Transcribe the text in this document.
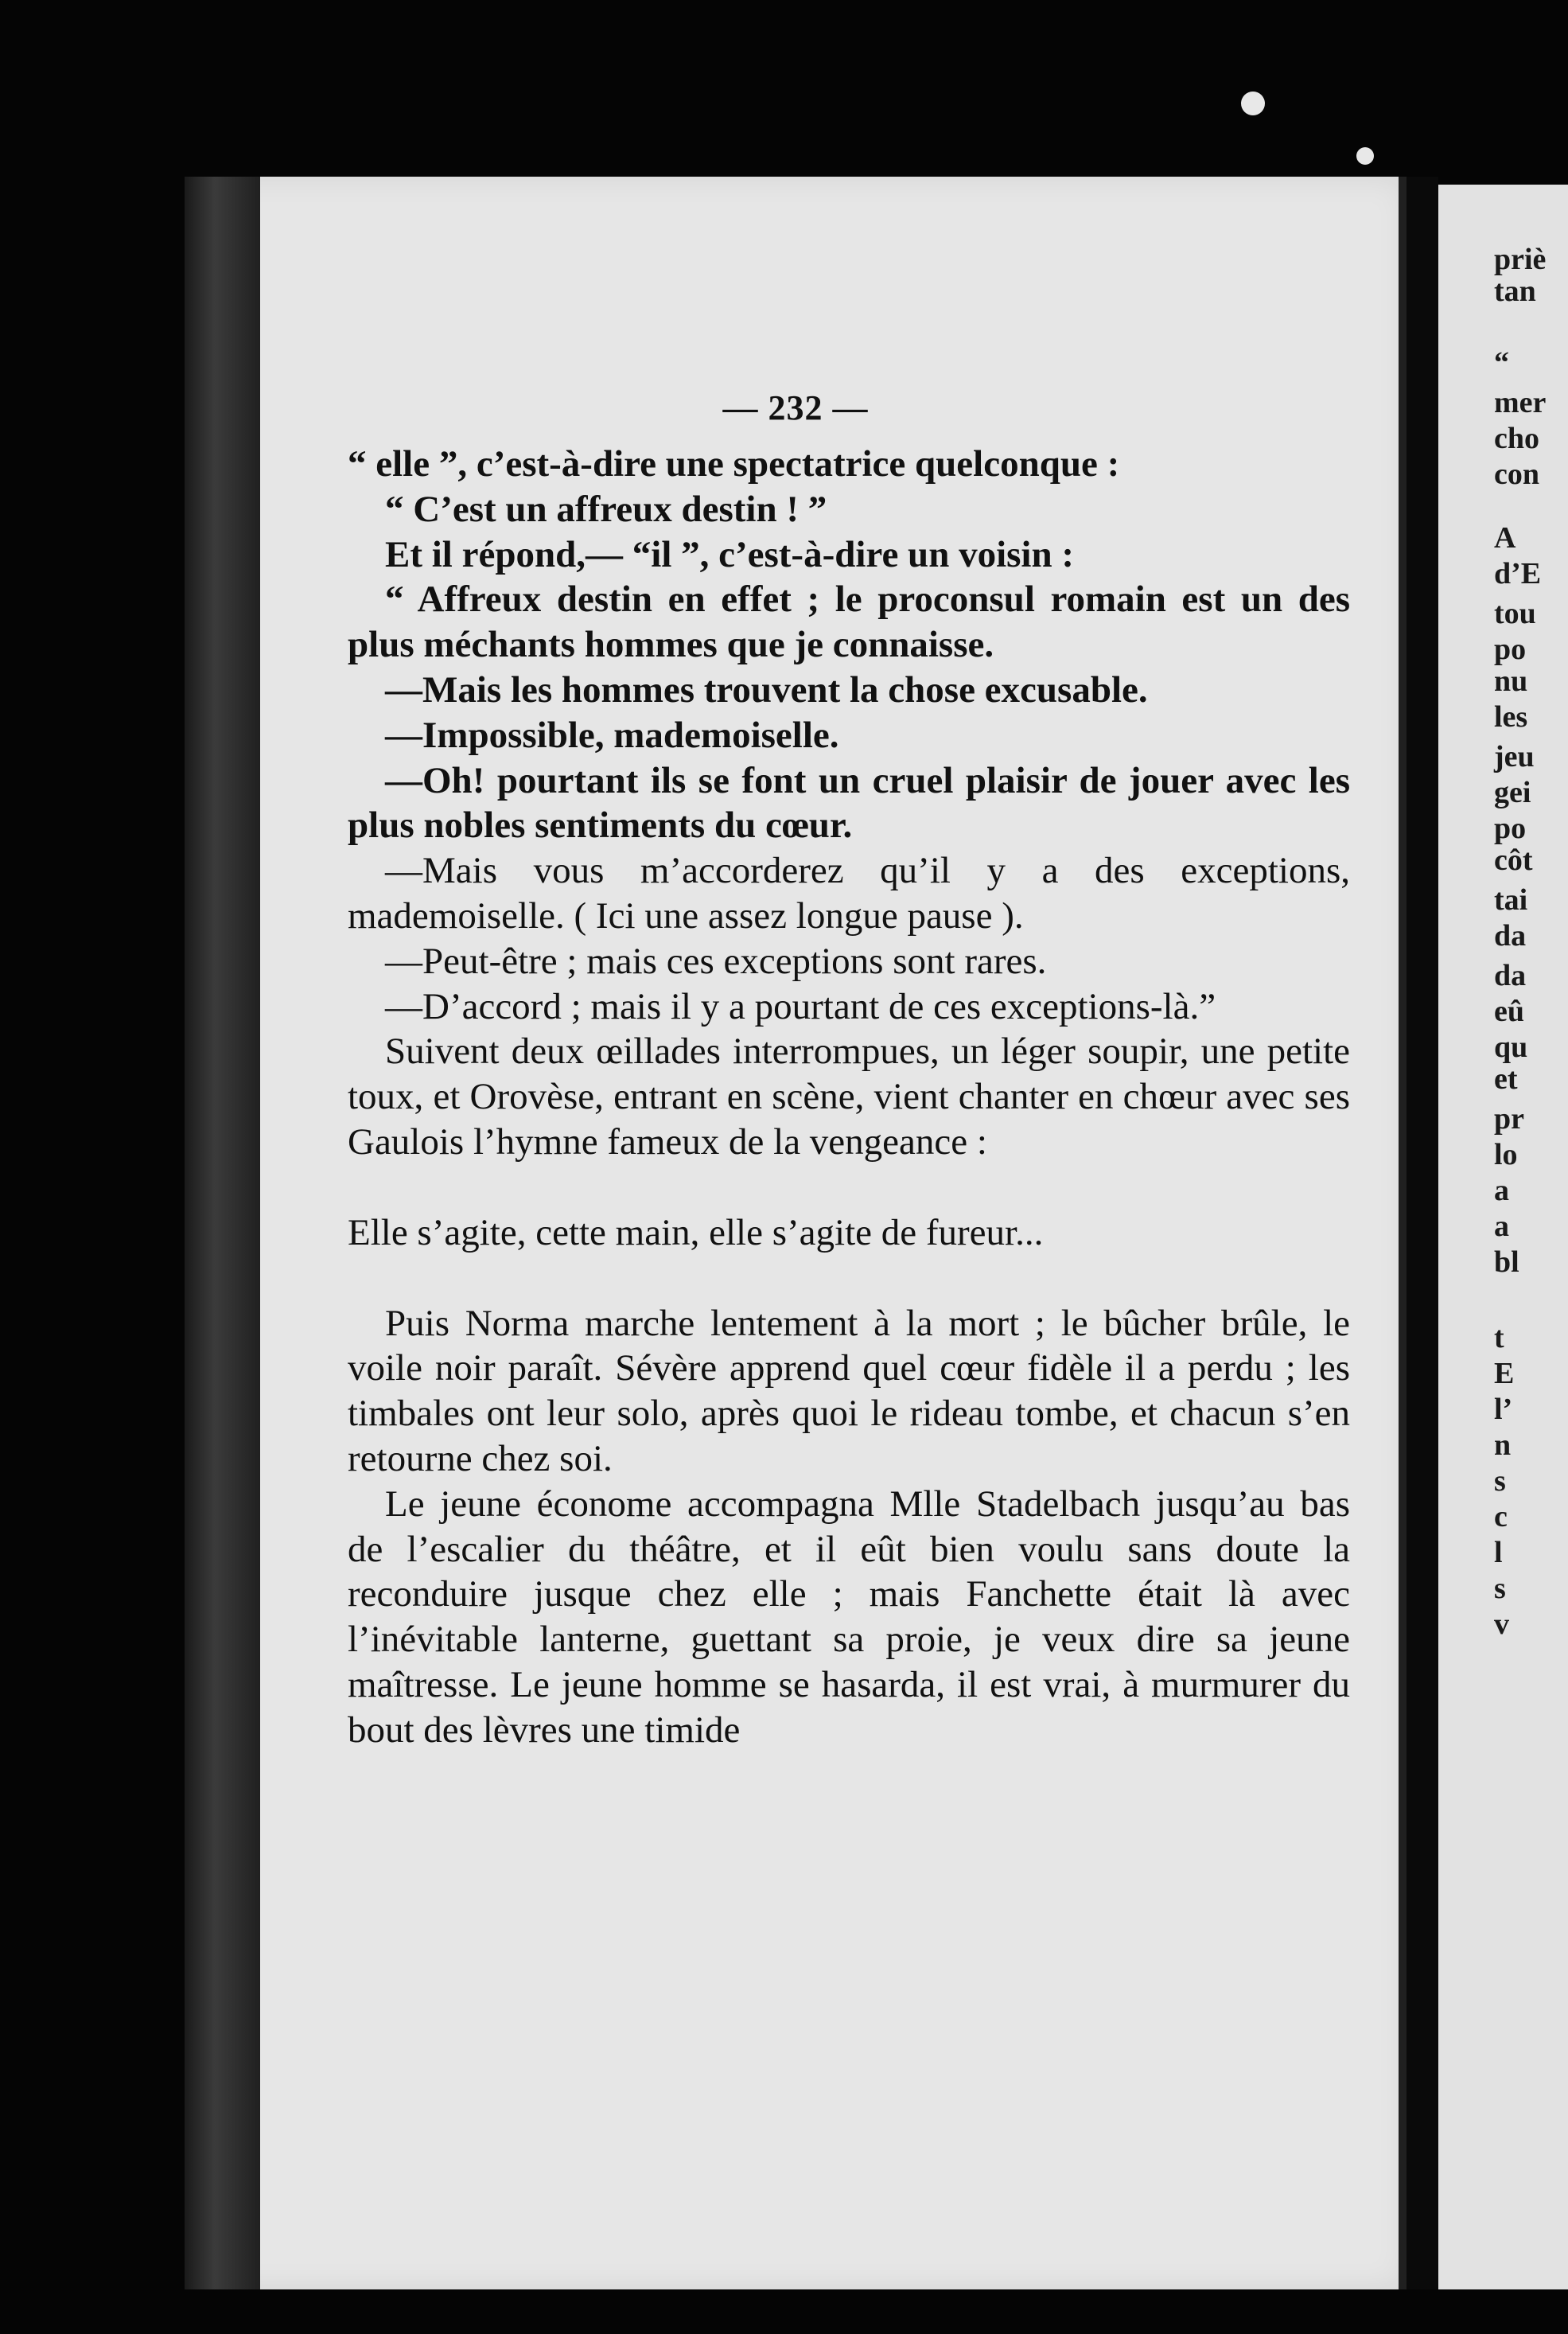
— 232 —
priè
tan
“
mer
cho
con
A
d’E
tou
po
nu
les
jeu
gei
po
côt
tai
da
da
eû
qu
et
pr
lo
a
a
bl
t
E
l’
n
s
c
l
s
v

“ elle ”, c’est-à-dire une spectatrice quelconque :

“ C’est un affreux destin ! ”

Et il répond,— “il ”, c’est-à-dire un voisin :

“ Affreux destin en effet ; le proconsul romain est un des plus méchants hommes que je connaisse.

—Mais les hommes trouvent la chose excusable.

—Impossible, mademoiselle.

—Oh! pourtant ils se font un cruel plaisir de jouer avec les plus nobles sentiments du cœur.

—Mais vous m’accorderez qu’il y a des exceptions, mademoiselle. ( Ici une assez longue pause ).

—Peut-être ; mais ces exceptions sont rares.

—D’accord ; mais il y a pourtant de ces exceptions-là.”

Suivent deux œillades interrompues, un léger soupir, une petite toux, et Orovèse, entrant en scène, vient chanter en chœur avec ses Gaulois l’hymne fameux de la vengeance :

Elle s’agite, cette main, elle s’agite de fureur...

Puis Norma marche lentement à la mort ; le bûcher brûle, le voile noir paraît. Sévère apprend quel cœur fidèle il a perdu ; les timbales ont leur solo, après quoi le rideau tombe, et chacun s’en retourne chez soi.

Le jeune économe accompagna Mlle Stadelbach jusqu’au bas de l’escalier du théâtre, et il eût bien voulu sans doute la reconduire jusque chez elle ; mais Fanchette était là avec l’inévitable lanterne, guettant sa proie, je veux dire sa jeune maîtresse. Le jeune homme se hasarda, il est vrai, à murmurer du bout des lèvres une timide
